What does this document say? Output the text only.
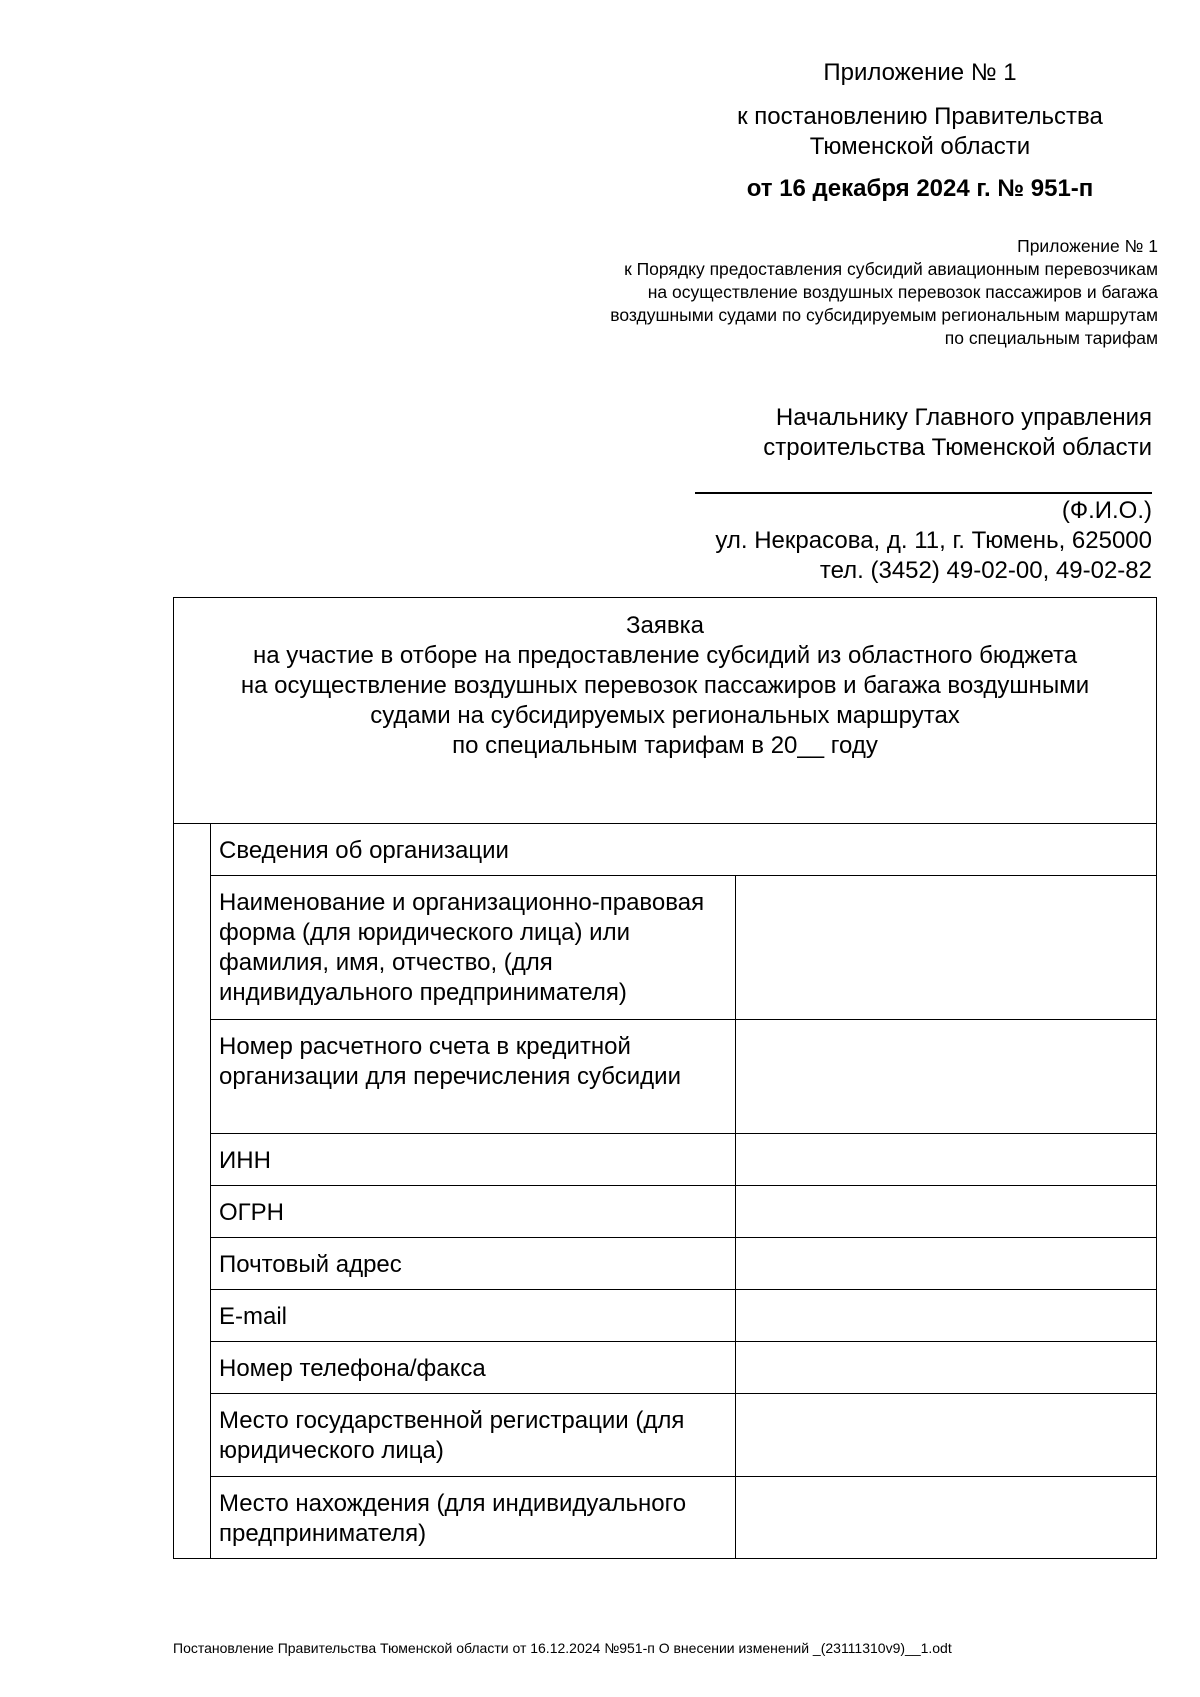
Приложение № 1
к постановлению Правительства
Тюменской области
от 16 декабря 2024 г. № 951-п
Приложение № 1
к Порядку предоставления субсидий авиационным перевозчикам
на осуществление воздушных перевозок пассажиров и багажа
воздушными судами по субсидируемым региональным маршрутам
по специальным тарифам
Начальнику Главного управления
строительства Тюменской области
(Ф.И.О.)
ул. Некрасова, д. 11, г. Тюмень, 625000
тел. (3452) 49-02-00, 49-02-82
Заявка
на участие в отборе на предоставление субсидий из областного бюджета
на осуществление воздушных перевозок пассажиров и багажа воздушными
судами на субсидируемых региональных маршрутах
по специальным тарифам в 20__ году
Сведения об организации
Наименование и организационно-правовая форма (для юридического лица) или фамилия, имя, отчество, (для индивидуального предпринимателя)
Номер расчетного счета в кредитной организации для перечисления субсидии
ИНН
ОГРН
Почтовый адрес
E-mail
Номер телефона/факса
Место государственной регистрации (для юридического лица)
Место нахождения (для индивидуального предпринимателя)
Постановление Правительства Тюменской области от 16.12.2024 №951-п О внесении изменений _(23111310v9)__1.odt
